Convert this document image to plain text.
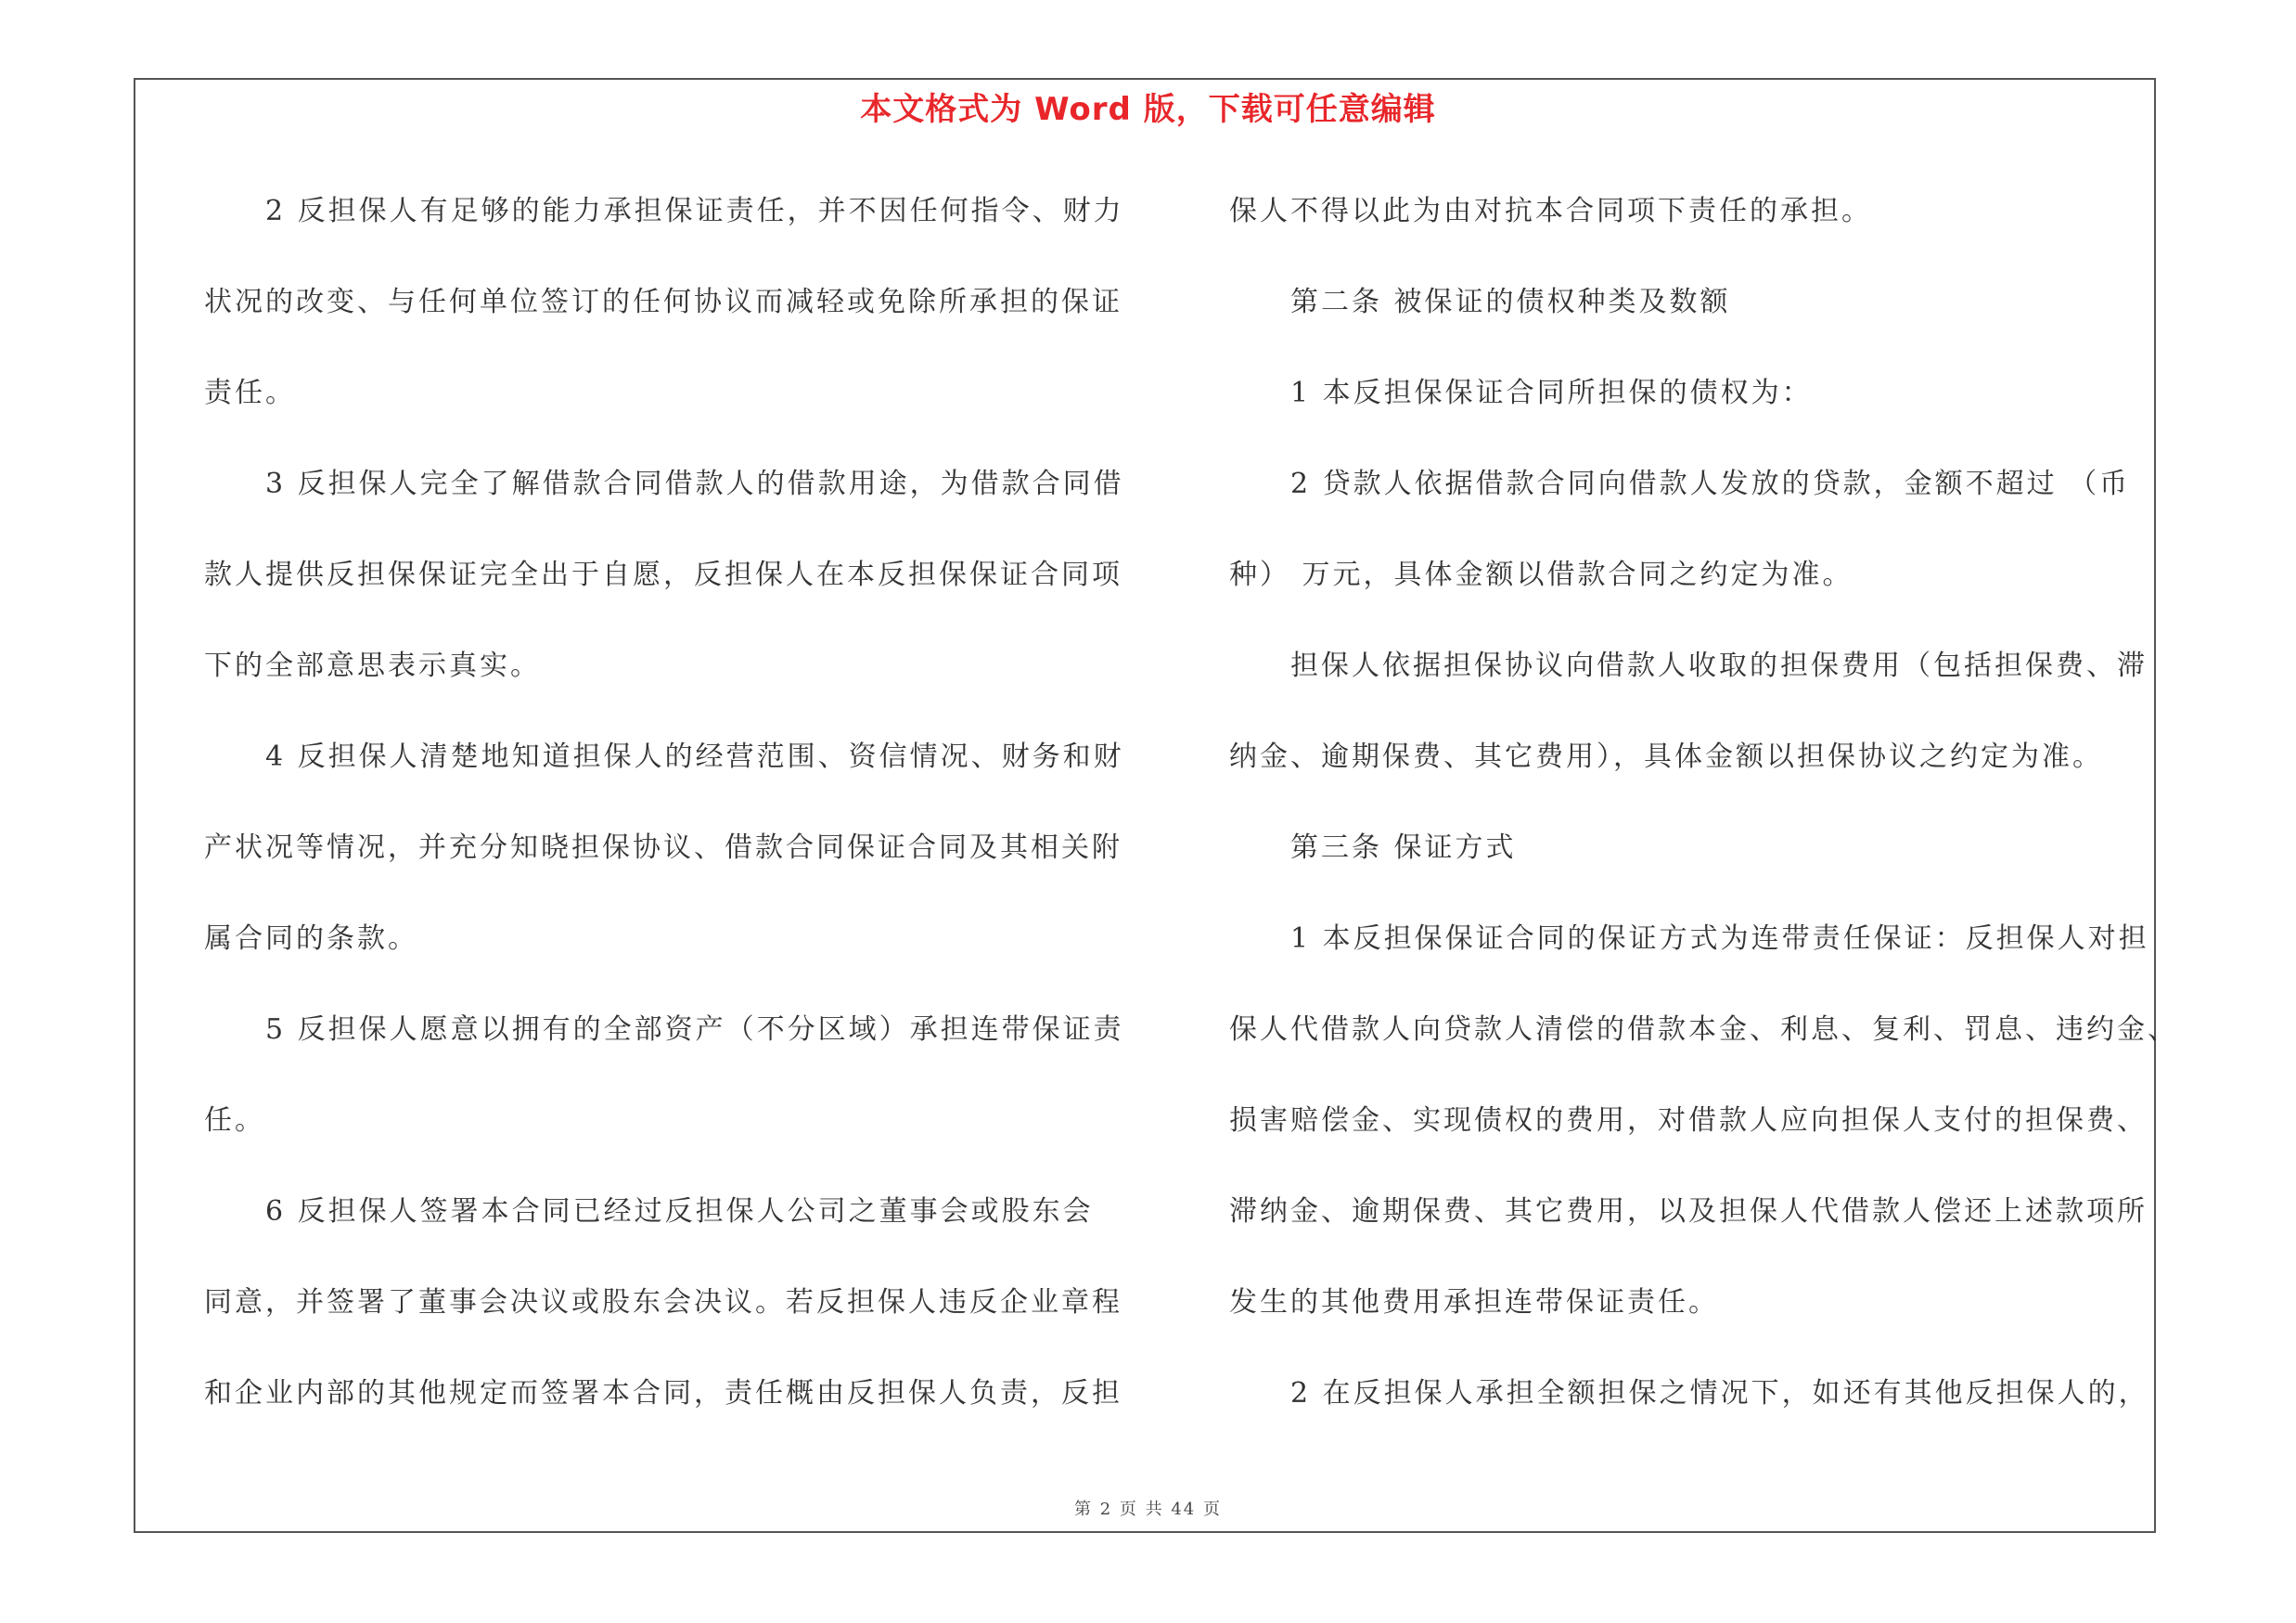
本文格式为 Word 版，下载可任意编辑
2 反担保人有足够的能力承担保证责任，并不因任何指令、财力
状况的改变、与任何单位签订的任何协议而减轻或免除所承担的保证
责任。
3 反担保人完全了解借款合同借款人的借款用途，为借款合同借
款人提供反担保保证完全出于自愿，反担保人在本反担保保证合同项
下的全部意思表示真实。
4 反担保人清楚地知道担保人的经营范围、资信情况、财务和财
产状况等情况，并充分知晓担保协议、借款合同保证合同及其相关附
属合同的条款。
5 反担保人愿意以拥有的全部资产（不分区域）承担连带保证责
任。
6 反担保人签署本合同已经过反担保人公司之董事会或股东会
同意，并签署了董事会决议或股东会决议。若反担保人违反企业章程
和企业内部的其他规定而签署本合同，责任概由反担保人负责，反担
保人不得以此为由对抗本合同项下责任的承担。
第二条 被保证的债权种类及数额
1 本反担保保证合同所担保的债权为：
2 贷款人依据借款合同向借款人发放的贷款，金额不超过 （币
种） 万元，具体金额以借款合同之约定为准。
担保人依据担保协议向借款人收取的担保费用（包括担保费、滞
纳金、逾期保费、其它费用），具体金额以担保协议之约定为准。
第三条 保证方式
1 本反担保保证合同的保证方式为连带责任保证：反担保人对担
保人代借款人向贷款人清偿的借款本金、利息、复利、罚息、违约金、
损害赔偿金、实现债权的费用，对借款人应向担保人支付的担保费、
滞纳金、逾期保费、其它费用，以及担保人代借款人偿还上述款项所
发生的其他费用承担连带保证责任。
2 在反担保人承担全额担保之情况下，如还有其他反担保人的，
第 2 页 共 44 页
